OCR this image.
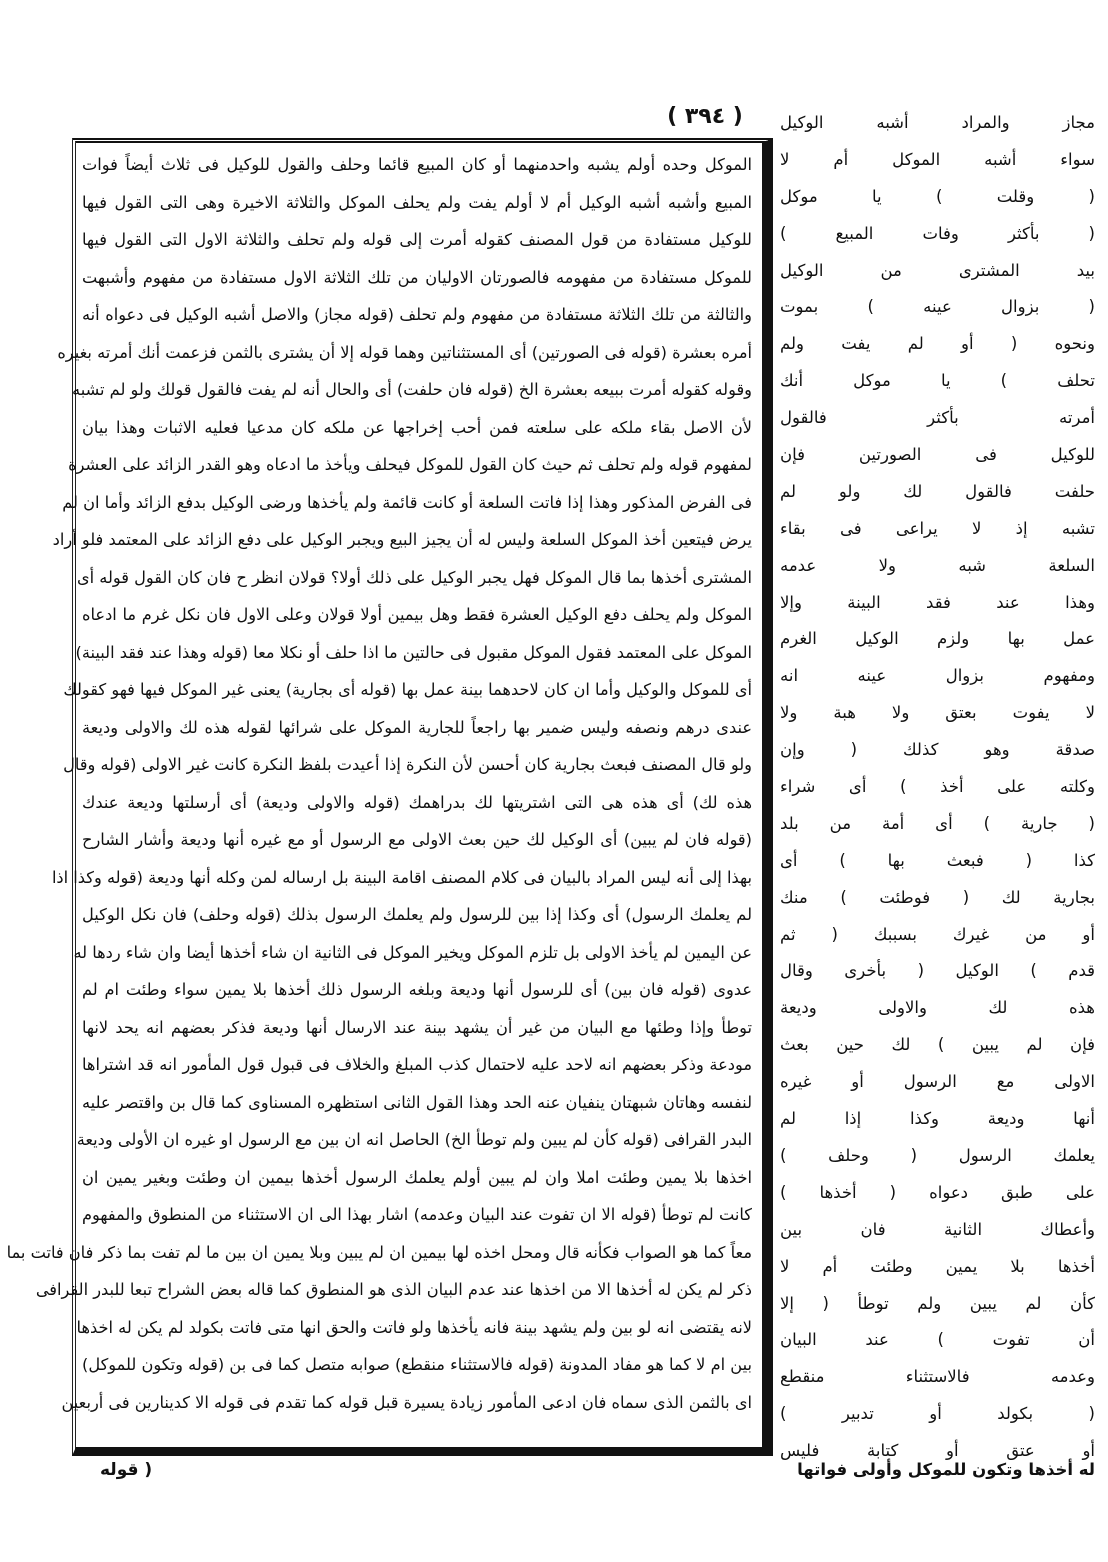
( ٣٩٤ )
الموكل وحده أولم يشبه واحدمنهما أو كان المبيع قائما وحلف والقول للوكيل فى ثلاث أيضاً فوات
المبيع وأشبه أشبه الوكيل أم لا أولم يفت ولم يحلف الموكل والثلاثة الاخيرة وهى التى القول فيها
للوكيل مستفادة من قول المصنف كقوله أمرت إلى قوله ولم تحلف والثلاثة الاول التى القول فيها
للموكل مستفادة من مفهومه فالصورتان الاوليان من تلك الثلاثة الاول مستفادة من مفهوم وأشبهت
والثالثة من تلك الثلاثة مستفادة من مفهوم ولم تحلف (قوله مجاز) والاصل أشبه الوكيل فى دعواه أنه
أمره بعشرة (قوله فى الصورتين) أى المستثناتين وهما قوله إلا أن يشترى بالثمن فزعمت أنك أمرته بغيره
وقوله كقوله أمرت ببيعه بعشرة الخ (قوله فان حلفت) أى والحال أنه لم يفت فالقول قولك ولو لم تشبه
لأن الاصل بقاء ملكه على سلعته فمن أحب إخراجها عن ملكه كان مدعيا فعليه الاثبات وهذا بيان
لمفهوم قوله ولم تحلف ثم حيث كان القول للموكل فيحلف ويأخذ ما ادعاه وهو القدر الزائد على العشرة
فى الفرض المذكور وهذا إذا فاتت السلعة أو كانت قائمة ولم يأخذها ورضى الوكيل بدفع الزائد وأما ان لم
يرض فيتعين أخذ الموكل السلعة وليس له أن يجيز البيع ويجبر الوكيل على دفع الزائد على المعتمد فلو أراد
المشترى أخذها بما قال الموكل فهل يجبر الوكيل على ذلك أولا؟ قولان انظر ح فان كان القول قوله أى
الموكل ولم يحلف دفع الوكيل العشرة فقط وهل بيمين أولا قولان وعلى الاول فان نكل غرم ما ادعاه
الموكل على المعتمد فقول الموكل مقبول فى حالتين ما اذا حلف أو نكلا معا (قوله وهذا عند فقد البينة)
أى للموكل والوكيل وأما ان كان لاحدهما بينة عمل بها (قوله أى بجارية) يعنى غير الموكل فيها فهو كقولك
عندى درهم ونصفه وليس ضمير بها راجعاً للجارية الموكل على شرائها لقوله هذه لك والاولى وديعة
ولو قال المصنف فبعث بجارية كان أحسن لأن النكرة إذا أعيدت بلفظ النكرة كانت غير الاولى (قوله وقال
هذه لك) أى هذه هى التى اشتريتها لك بدراهمك (قوله والاولى وديعة) أى أرسلتها وديعة عندك
(قوله فان لم يبين) أى الوكيل لك حين بعث الاولى مع الرسول أو مع غيره أنها وديعة وأشار الشارح
بهذا إلى أنه ليس المراد بالبيان فى كلام المصنف اقامة البينة بل ارساله لمن وكله أنها وديعة (قوله وكذا اذا
لم يعلمك الرسول) أى وكذا إذا بين للرسول ولم يعلمك الرسول بذلك (قوله وحلف) فان نكل الوكيل
عن اليمين لم يأخذ الاولى بل تلزم الموكل ويخير الموكل فى الثانية ان شاء أخذها أيضا وان شاء ردها له
عدوى (قوله فان بين) أى للرسول أنها وديعة وبلغه الرسول ذلك أخذها بلا يمين سواء وطئت ام لم
توطأ وإذا وطئها مع البيان من غير أن يشهد بينة عند الارسال أنها وديعة فذكر بعضهم انه يحد لانها
مودعة وذكر بعضهم انه لاحد عليه لاحتمال كذب المبلغ والخلاف فى قبول قول المأمور انه قد اشتراها
لنفسه وهاتان شبهتان ينفيان عنه الحد وهذا القول الثانى استظهره المسناوى كما قال بن واقتصر عليه
البدر القرافى (قوله كأن لم يبين ولم توطأ الخ) الحاصل انه ان بين مع الرسول او غيره ان الأولى وديعة
اخذها بلا يمين وطئت املا وان لم يبين أولم يعلمك الرسول أخذها بيمين ان وطئت وبغير يمين ان
كانت لم توطأ (قوله الا ان تفوت عند البيان وعدمه) اشار بهذا الى ان الاستثناء من المنطوق والمفهوم
معاً كما هو الصواب فكأنه قال ومحل اخذه لها بيمين ان لم يبين وبلا يمين ان بين ما لم تفت بما ذكر فان فاتت بما
ذكر لم يكن له أخذها الا من اخذها عند عدم البيان الذى هو المنطوق كما قاله بعض الشراح تبعا للبدر القرافى
لانه يقتضى انه لو بين ولم يشهد بينة فانه يأخذها ولو فاتت والحق انها متى فاتت بكولد لم يكن له اخذها
بين ام لا كما هو مفاد المدونة (قوله فالاستثناء منقطع) صوابه متصل كما فى بن (قوله وتكون للموكل)
اى بالثمن الذى سماه فان ادعى المأمور زيادة يسيرة قبل قوله كما تقدم فى قوله الا كدينارين فى أربعين
مجاز والمراد أشبه الوكيل
سواء أشبه الموكل أم لا
( وقلت ) يا موكل
( بأكثر وفات المبيع )
بيد المشترى من الوكيل
( بزوال عينه ) بموت
ونحوه ( أو لم يفت ولم
تحلف ) يا موكل أنك
أمرته بأكثر فالقول
للوكيل فى الصورتين فإن
حلفت فالقول لك ولو لم
تشبه إذ لا يراعى فى بقاء
السلعة شبه ولا عدمه
وهذا عند فقد البينة وإلا
عمل بها ولزم الوكيل الغرم
ومفهوم بزوال عينه انه
لا يفوت بعتق ولا هبة ولا
صدقة وهو كذلك ( وإن
وكلته على أخذ ) أى شراء
( جارية ) أى أمة من بلد
كذا ( فبعث بها ) أى
بجارية لك ( فوطئت ) منك
أو من غيرك بسببك ( ثم
قدم ) الوكيل ( بأخرى وقال
هذه لك والاولى وديعة
فإن لم يبين ) لك حين بعث
الاولى مع الرسول أو غيره
أنها وديعة وكذا إذا لم
يعلمك الرسول ( وحلف )
على طبق دعواه ( أخذها )
وأعطاك الثانية فان بين
أخذها بلا يمين وطئت أم لا
كأن لم يبين ولم توطأ ( إلا
أن تفوت ) عند البيان
وعدمه فالاستثناء منقطع
( بكولد أو تدبير )
أو عتق أو كتابة فليس
له أخذها وتكون للموكل وأولى فواتها
( قوله
